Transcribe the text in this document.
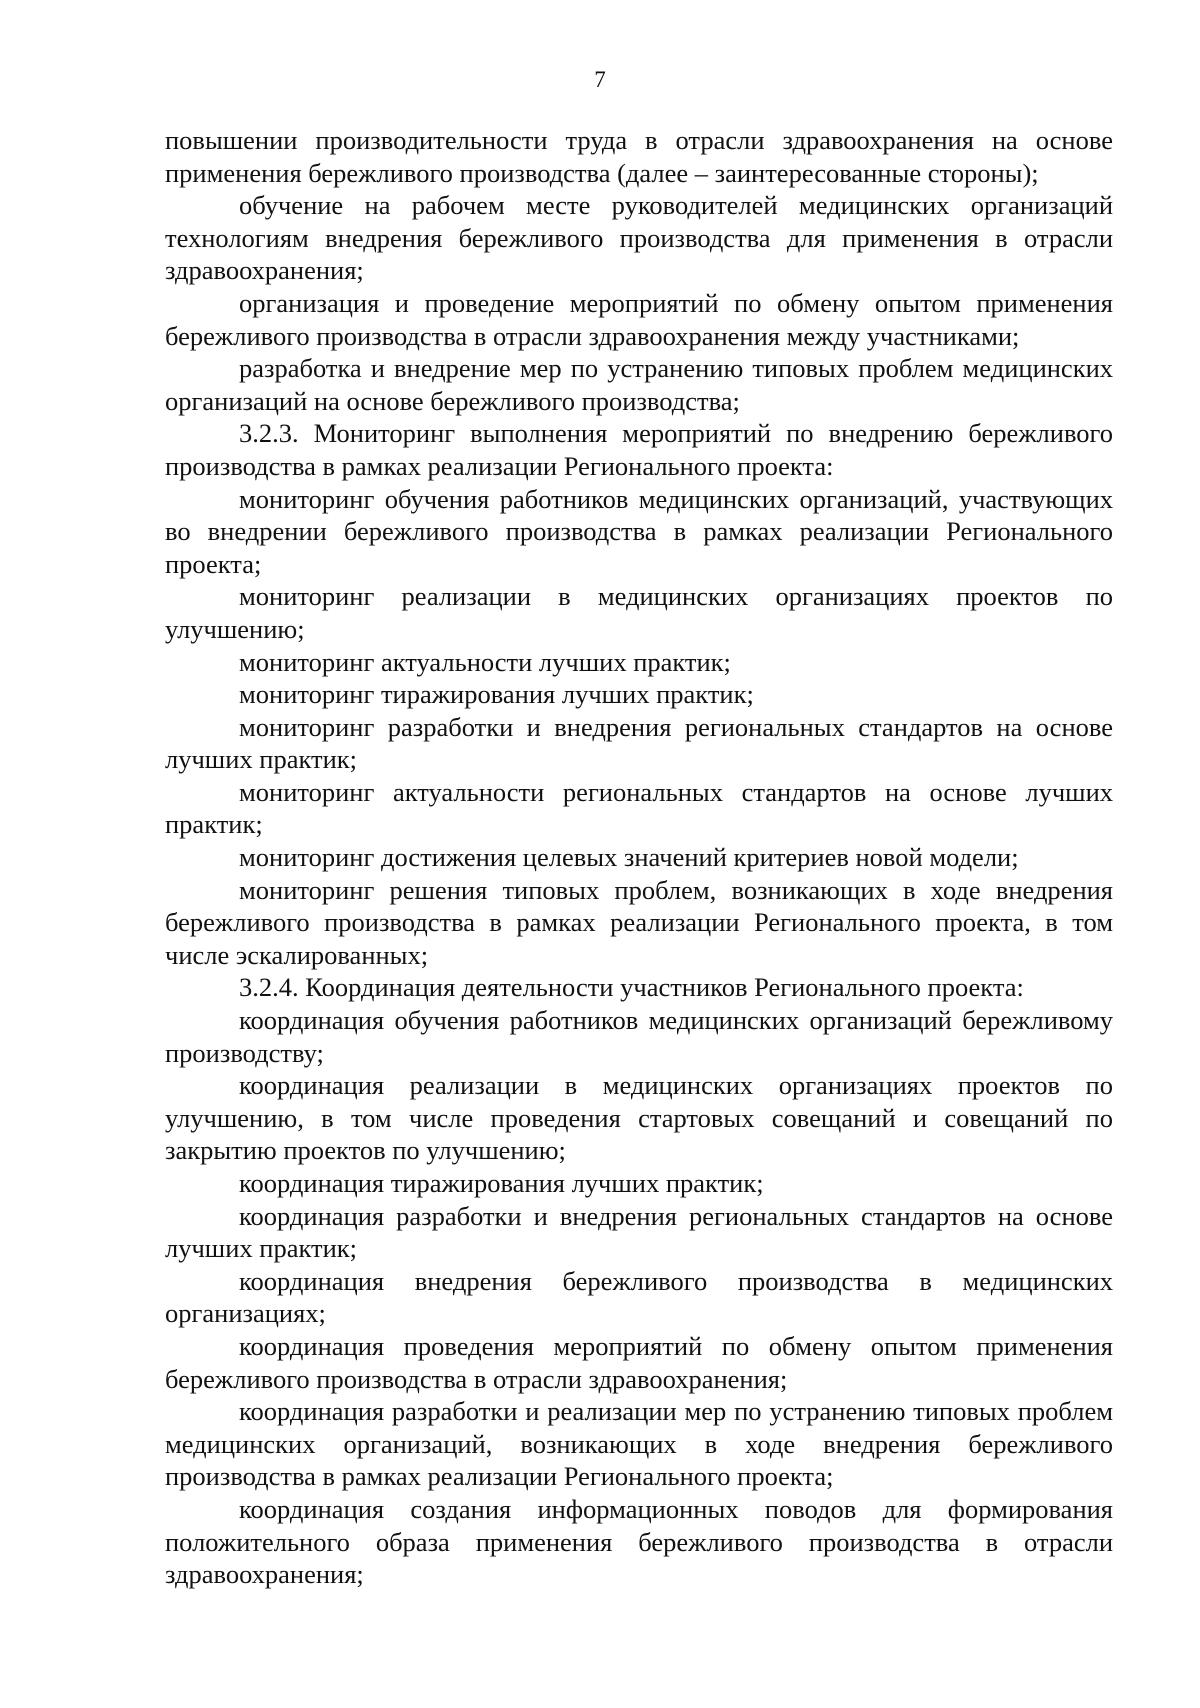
7

повышении производительности труда в отрасли здравоохранения на основе применения бережливого производства (далее – заинтересованные стороны);

обучение на рабочем месте руководителей медицинских организаций технологиям внедрения бережливого производства для применения в отрасли здравоохранения;

организация и проведение мероприятий по обмену опытом применения бережливого производства в отрасли здравоохранения между участниками;

разработка и внедрение мер по устранению типовых проблем медицинских организаций на основе бережливого производства;

3.2.3. Мониторинг выполнения мероприятий по внедрению бережливого производства в рамках реализации Регионального проекта:

мониторинг обучения работников медицинских организаций, участвующих во внедрении бережливого производства в рамках реализации Регионального проекта;

мониторинг реализации в медицинских организациях проектов по улучшению;

мониторинг актуальности лучших практик;

мониторинг тиражирования лучших практик;

мониторинг разработки и внедрения региональных стандартов на основе лучших практик;

мониторинг актуальности региональных стандартов на основе лучших практик;

мониторинг достижения целевых значений критериев новой модели;

мониторинг решения типовых проблем, возникающих в ходе внедрения бережливого производства в рамках реализации Регионального проекта, в том числе эскалированных;

3.2.4. Координация деятельности участников Регионального проекта:

координация обучения работников медицинских организаций бережливому производству;

координация реализации в медицинских организациях проектов по улучшению, в том числе проведения стартовых совещаний и совещаний по закрытию проектов по улучшению;

координация тиражирования лучших практик;

координация разработки и внедрения региональных стандартов на основе лучших практик;

координация внедрения бережливого производства в медицинских организациях;

координация проведения мероприятий по обмену опытом применения бережливого производства в отрасли здравоохранения;

координация разработки и реализации мер по устранению типовых проблем медицинских организаций, возникающих в ходе внедрения бережливого производства в рамках реализации Регионального проекта;

координация создания информационных поводов для формирования положительного образа применения бережливого производства в отрасли здравоохранения;
